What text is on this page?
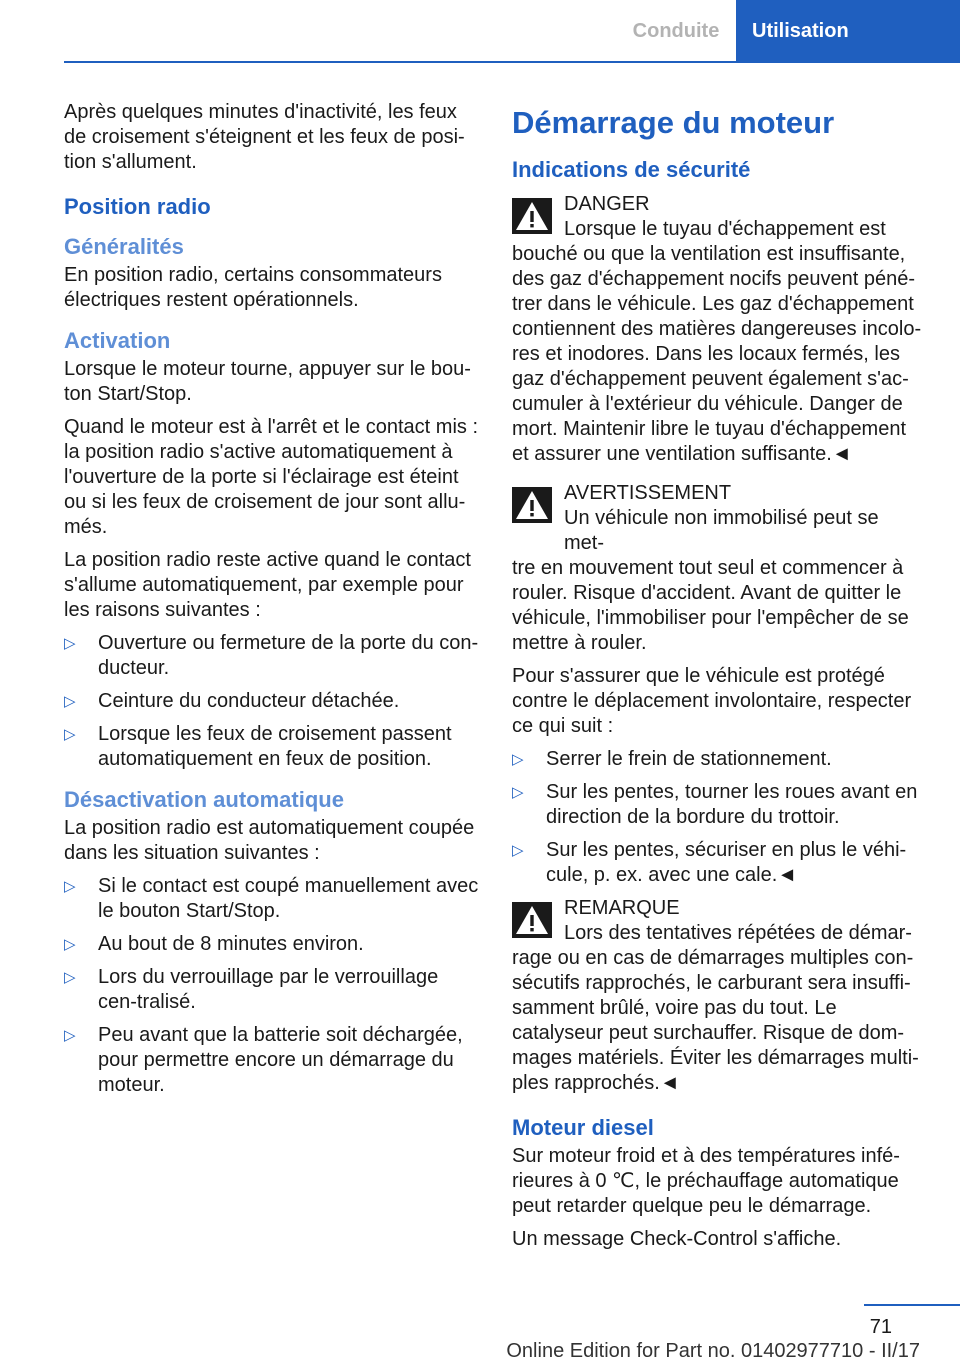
Conduite	Utilisation

Après quelques minutes d'inactivité, les feux de croisement s'éteignent et les feux de posi-tion s'allument.

Position radio
Généralités

En position radio, certains consommateurs électriques restent opérationnels.

Activation

Lorsque le moteur tourne, appuyer sur le bou-ton Start/Stop.

Quand le moteur est à l'arrêt et le contact mis : la position radio s'active automatiquement à l'ouverture de la porte si l'éclairage est éteint ou si les feux de croisement de jour sont allu-més.

La position radio reste active quand le contact s'allume automatiquement, par exemple pour les raisons suivantes :

▷ Ouverture ou fermeture de la porte du con-ducteur.
▷ Ceinture du conducteur détachée.
▷ Lorsque les feux de croisement passent automatiquement en feux de position.
Désactivation automatique

La position radio est automatiquement coupée dans les situation suivantes :

▷ Si le contact est coupé manuellement avec le bouton Start/Stop.
▷ Au bout de 8 minutes environ.
▷ Lors du verrouillage par le verrouillage cen-tralisé.
▷ Peu avant que la batterie soit déchargée, pour permettre encore un démarrage du moteur.
Démarrage du moteur
Indications de sécurité
DANGER
Lorsque le tuyau d'échappement est

bouché ou que la ventilation est insuffisante, des gaz d'échappement nocifs peuvent péné-trer dans le véhicule. Les gaz d'échappement contiennent des matières dangereuses incolo-res et inodores. Dans les locaux fermés, les gaz d'échappement peuvent également s'ac-cumuler à l'extérieur du véhicule. Danger de mort. Maintenir libre le tuyau d'échappement et assurer une ventilation suffisante.◄

AVERTISSEMENT
Un véhicule non immobilisé peut se met-

tre en mouvement tout seul et commencer à rouler. Risque d'accident. Avant de quitter le véhicule, l'immobiliser pour l'empêcher de se mettre à rouler.

Pour s'assurer que le véhicule est protégé contre le déplacement involontaire, respecter ce qui suit :

▷ Serrer le frein de stationnement.
▷ Sur les pentes, tourner les roues avant en direction de la bordure du trottoir.
▷ Sur les pentes, sécuriser en plus le véhi-cule, p. ex. avec une cale.◄
REMARQUE
Lors des tentatives répétées de démar-

rage ou en cas de démarrages multiples con-sécutifs rapprochés, le carburant sera insuffi-samment brûlé, voire pas du tout. Le catalyseur peut surchauffer. Risque de dom-mages matériels. Éviter les démarrages multi-ples rapprochés.◄

Moteur diesel

Sur moteur froid et à des températures infé-rieures à 0 ℃, le préchauffage automatique peut retarder quelque peu le démarrage.

Un message Check-Control s'affiche.

71
Online Edition for Part no. 01402977710 - II/17
